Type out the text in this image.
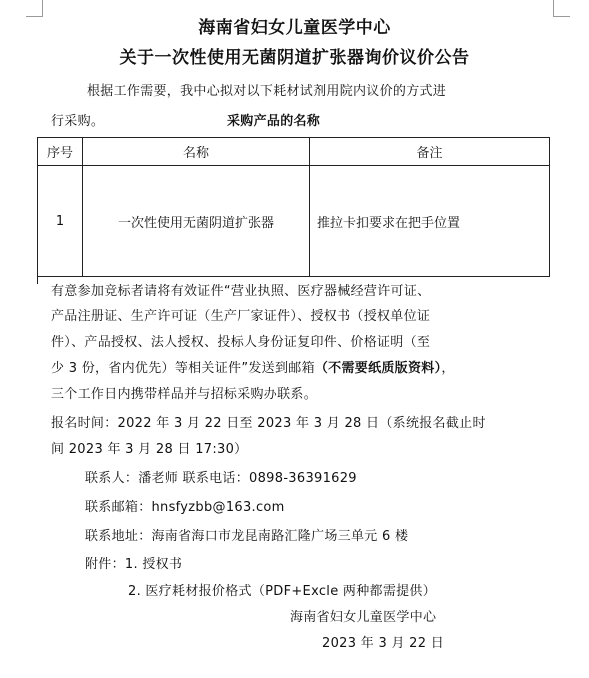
海南省妇女儿童医学中心
关于一次性使用无菌阴道扩张器询价议价公告
根据工作需要，我中心拟对以下耗材试剂用院内议价的方式进
行采购。	采购产品的名称
序号	名称	备注
1	一次性使用无菌阴道扩张器	推拉卡扣要求在把手位置
有意参加竞标者请将有效证件“营业执照、医疗器械经营许可证、
产品注册证、生产许可证（生产厂家证件）、授权书（授权单位证
件）、产品授权、法人授权、投标人身份证复印件、价格证明（至
少 3 份，省内优先）等相关证件”发送到邮箱（不需要纸质版资料），
三个工作日内携带样品并与招标采购办联系。
报名时间：2022 年 3 月 22 日至 2023 年 3 月 28 日（系统报名截止时
间 2023 年 3 月 28 日 17:30）
联系人：潘老师 联系电话：0898-36391629
联系邮箱：hnsfyzbb@163.com
联系地址：海南省海口市龙昆南路汇隆广场三单元 6 楼
附件：1. 授权书
2. 医疗耗材报价格式（PDF+Excle 两种都需提供）
海南省妇女儿童医学中心
2023 年 3 月 22 日
